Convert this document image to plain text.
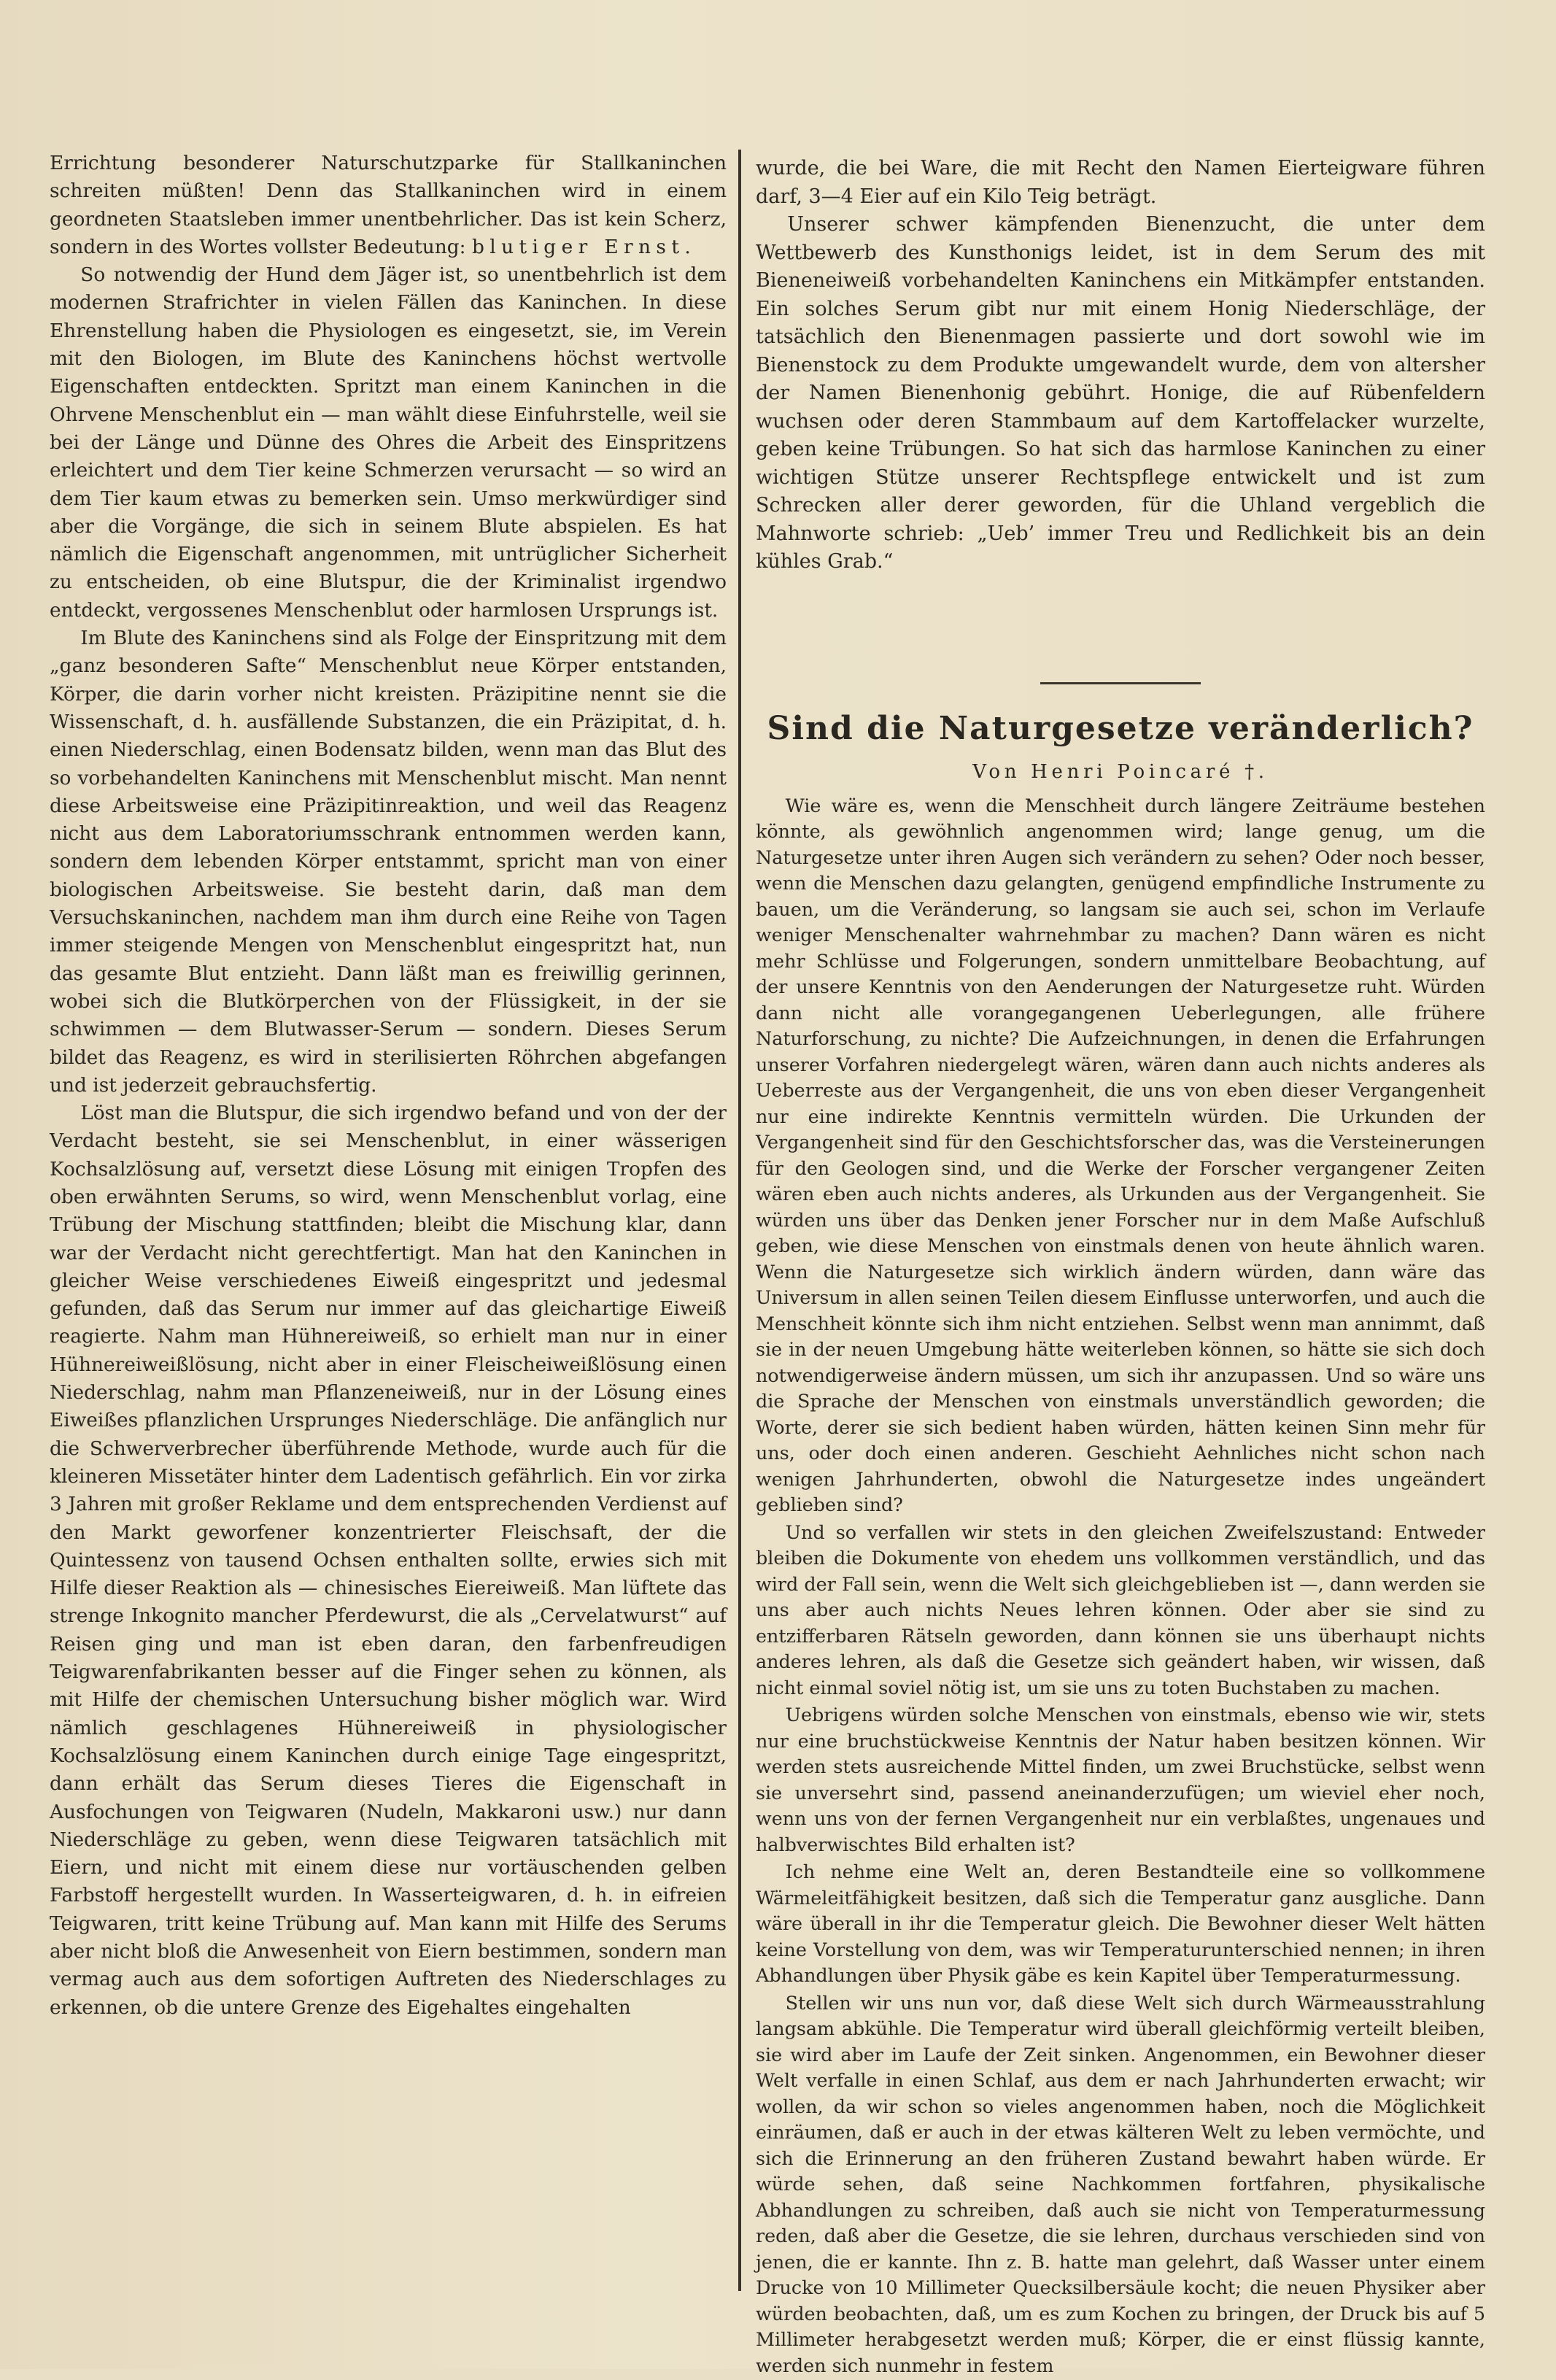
Errichtung besonderer Naturschutzparke für Stallkaninchen schreiten müßten! Denn das Stallkaninchen wird in einem geordneten Staatsleben immer unentbehrlicher. Das ist kein Scherz, sondern in des Wortes vollster Bedeutung: blutiger Ernst.

So notwendig der Hund dem Jäger ist, so unentbehrlich ist dem modernen Strafrichter in vielen Fällen das Kaninchen. In diese Ehrenstellung haben die Physiologen es eingesetzt, sie, im Verein mit den Biologen, im Blute des Kaninchens höchst wertvolle Eigenschaften entdeckten. Spritzt man einem Kaninchen in die Ohrvene Menschenblut ein — man wählt diese Einfuhrstelle, weil sie bei der Länge und Dünne des Ohres die Arbeit des Einspritzens erleichtert und dem Tier keine Schmerzen verursacht — so wird an dem Tier kaum etwas zu bemerken sein. Umso merkwürdiger sind aber die Vorgänge, die sich in seinem Blute abspielen. Es hat nämlich die Eigenschaft angenommen, mit untrüglicher Sicherheit zu entscheiden, ob eine Blutspur, die der Kriminalist irgendwo entdeckt, vergossenes Menschenblut oder harmlosen Ursprungs ist.

Im Blute des Kaninchens sind als Folge der Einspritzung mit dem „ganz besonderen Safte“ Menschenblut neue Körper entstanden, Körper, die darin vorher nicht kreisten. Präzipitine nennt sie die Wissenschaft, d. h. ausfällende Substanzen, die ein Präzipitat, d. h. einen Niederschlag, einen Bodensatz bilden, wenn man das Blut des so vorbehandelten Kaninchens mit Menschenblut mischt. Man nennt diese Arbeitsweise eine Präzipitinreaktion, und weil das Reagenz nicht aus dem Laboratoriumsschrank entnommen werden kann, sondern dem lebenden Körper entstammt, spricht man von einer biologischen Arbeitsweise. Sie besteht darin, daß man dem Versuchskaninchen, nachdem man ihm durch eine Reihe von Tagen immer steigende Mengen von Menschenblut eingespritzt hat, nun das gesamte Blut entzieht. Dann läßt man es freiwillig gerinnen, wobei sich die Blutkörperchen von der Flüssigkeit, in der sie schwimmen — dem Blutwasser-Serum — sondern. Dieses Serum bildet das Reagenz, es wird in sterilisierten Röhrchen abgefangen und ist jederzeit gebrauchsfertig.

Löst man die Blutspur, die sich irgendwo befand und von der der Verdacht besteht, sie sei Menschenblut, in einer wässerigen Kochsalzlösung auf, versetzt diese Lösung mit einigen Tropfen des oben erwähnten Serums, so wird, wenn Menschenblut vorlag, eine Trübung der Mischung stattfinden; bleibt die Mischung klar, dann war der Verdacht nicht gerechtfertigt. Man hat den Kaninchen in gleicher Weise verschiedenes Eiweiß eingespritzt und jedesmal gefunden, daß das Serum nur immer auf das gleichartige Eiweiß reagierte. Nahm man Hühnereiweiß, so erhielt man nur in einer Hühnereiweißlösung, nicht aber in einer Fleischeiweißlösung einen Niederschlag, nahm man Pflanzeneiweiß, nur in der Lösung eines Eiweißes pflanzlichen Ursprunges Niederschläge. Die anfänglich nur die Schwerverbrecher überführende Methode, wurde auch für die kleineren Missetäter hinter dem Ladentisch gefährlich. Ein vor zirka 3 Jahren mit großer Reklame und dem entsprechenden Verdienst auf den Markt geworfener konzentrierter Fleischsaft, der die Quintessenz von tausend Ochsen enthalten sollte, erwies sich mit Hilfe dieser Reaktion als — chinesisches Eiereiweiß. Man lüftete das strenge Inkognito mancher Pferdewurst, die als „Cervelatwurst“ auf Reisen ging und man ist eben daran, den farbenfreudigen Teigwarenfabrikanten besser auf die Finger sehen zu können, als mit Hilfe der chemischen Untersuchung bisher möglich war. Wird nämlich geschlagenes Hühnereiweiß in physiologischer Kochsalzlösung einem Kaninchen durch einige Tage eingespritzt, dann erhält das Serum dieses Tieres die Eigenschaft in Ausfochungen von Teigwaren (Nudeln, Makkaroni usw.) nur dann Niederschläge zu geben, wenn diese Teigwaren tatsächlich mit Eiern, und nicht mit einem diese nur vortäuschenden gelben Farbstoff hergestellt wurden. In Wasserteigwaren, d. h. in eifreien Teigwaren, tritt keine Trübung auf. Man kann mit Hilfe des Serums aber nicht bloß die Anwesenheit von Eiern bestimmen, sondern man vermag auch aus dem sofortigen Auftreten des Niederschlages zu erkennen, ob die untere Grenze des Eigehaltes eingehalten

wurde, die bei Ware, die mit Recht den Namen Eierteigware führen darf, 3—4 Eier auf ein Kilo Teig beträgt.

Unserer schwer kämpfenden Bienenzucht, die unter dem Wettbewerb des Kunsthonigs leidet, ist in dem Serum des mit Bieneneiweiß vorbehandelten Kaninchens ein Mitkämpfer entstanden. Ein solches Serum gibt nur mit einem Honig Niederschläge, der tatsächlich den Bienenmagen passierte und dort sowohl wie im Bienenstock zu dem Produkte umgewandelt wurde, dem von altersher der Namen Bienenhonig gebührt. Honige, die auf Rübenfeldern wuchsen oder deren Stammbaum auf dem Kartoffelacker wurzelte, geben keine Trübungen. So hat sich das harmlose Kaninchen zu einer wichtigen Stütze unserer Rechtspflege entwickelt und ist zum Schrecken aller derer geworden, für die Uhland vergeblich die Mahnworte schrieb: „Ueb’ immer Treu und Redlichkeit bis an dein kühles Grab.“

Sind die Naturgesetze veränderlich?
Von Henri Poincaré †.

Wie wäre es, wenn die Menschheit durch längere Zeiträume bestehen könnte, als gewöhnlich angenommen wird; lange genug, um die Naturgesetze unter ihren Augen sich verändern zu sehen? Oder noch besser, wenn die Menschen dazu gelangten, genügend empfindliche Instrumente zu bauen, um die Veränderung, so langsam sie auch sei, schon im Verlaufe weniger Menschenalter wahrnehmbar zu machen? Dann wären es nicht mehr Schlüsse und Folgerungen, sondern unmittelbare Beobachtung, auf der unsere Kenntnis von den Aenderungen der Naturgesetze ruht. Würden dann nicht alle vorangegangenen Ueberlegungen, alle frühere Naturforschung, zu nichte? Die Aufzeichnungen, in denen die Erfahrungen unserer Vorfahren niedergelegt wären, wären dann auch nichts anderes als Ueberreste aus der Vergangenheit, die uns von eben dieser Vergangenheit nur eine indirekte Kenntnis vermitteln würden. Die Urkunden der Vergangenheit sind für den Geschichtsforscher das, was die Versteinerungen für den Geologen sind, und die Werke der Forscher vergangener Zeiten wären eben auch nichts anderes, als Urkunden aus der Vergangenheit. Sie würden uns über das Denken jener Forscher nur in dem Maße Aufschluß geben, wie diese Menschen von einstmals denen von heute ähnlich waren. Wenn die Naturgesetze sich wirklich ändern würden, dann wäre das Universum in allen seinen Teilen diesem Einflusse unterworfen, und auch die Menschheit könnte sich ihm nicht entziehen. Selbst wenn man annimmt, daß sie in der neuen Umgebung hätte weiterleben können, so hätte sie sich doch notwendigerweise ändern müssen, um sich ihr anzupassen. Und so wäre uns die Sprache der Menschen von einstmals unverständlich geworden; die Worte, derer sie sich bedient haben würden, hätten keinen Sinn mehr für uns, oder doch einen anderen. Geschieht Aehnliches nicht schon nach wenigen Jahrhunderten, obwohl die Naturgesetze indes ungeändert geblieben sind?

Und so verfallen wir stets in den gleichen Zweifelszustand: Entweder bleiben die Dokumente von ehedem uns vollkommen verständlich, und das wird der Fall sein, wenn die Welt sich gleichgeblieben ist —, dann werden sie uns aber auch nichts Neues lehren können. Oder aber sie sind zu entzifferbaren Rätseln geworden, dann können sie uns überhaupt nichts anderes lehren, als daß die Gesetze sich geändert haben, wir wissen, daß nicht einmal soviel nötig ist, um sie uns zu toten Buchstaben zu machen.

Uebrigens würden solche Menschen von einstmals, ebenso wie wir, stets nur eine bruchstückweise Kenntnis der Natur haben besitzen können. Wir werden stets ausreichende Mittel finden, um zwei Bruchstücke, selbst wenn sie unversehrt sind, passend aneinanderzufügen; um wieviel eher noch, wenn uns von der fernen Vergangenheit nur ein verblaßtes, ungenaues und halbverwischtes Bild erhalten ist?

Ich nehme eine Welt an, deren Bestandteile eine so vollkommene Wärmeleitfähigkeit besitzen, daß sich die Temperatur ganz ausgliche. Dann wäre überall in ihr die Temperatur gleich. Die Bewohner dieser Welt hätten keine Vorstellung von dem, was wir Temperaturunterschied nennen; in ihren Abhandlungen über Physik gäbe es kein Kapitel über Temperaturmessung.

Stellen wir uns nun vor, daß diese Welt sich durch Wärmeausstrahlung langsam abkühle. Die Temperatur wird überall gleichförmig verteilt bleiben, sie wird aber im Laufe der Zeit sinken. Angenommen, ein Bewohner dieser Welt verfalle in einen Schlaf, aus dem er nach Jahrhunderten erwacht; wir wollen, da wir schon so vieles angenommen haben, noch die Möglichkeit einräumen, daß er auch in der etwas kälteren Welt zu leben vermöchte, und sich die Erinnerung an den früheren Zustand bewahrt haben würde. Er würde sehen, daß seine Nachkommen fortfahren, physikalische Abhandlungen zu schreiben, daß auch sie nicht von Temperaturmessung reden, daß aber die Gesetze, die sie lehren, durchaus verschieden sind von jenen, die er kannte. Ihn z. B. hatte man gelehrt, daß Wasser unter einem Drucke von 10 Millimeter Quecksilbersäule kocht; die neuen Physiker aber würden beobachten, daß, um es zum Kochen zu bringen, der Druck bis auf 5 Millimeter herabgesetzt werden muß; Körper, die er einst flüssig kannte, werden sich nunmehr in festem
